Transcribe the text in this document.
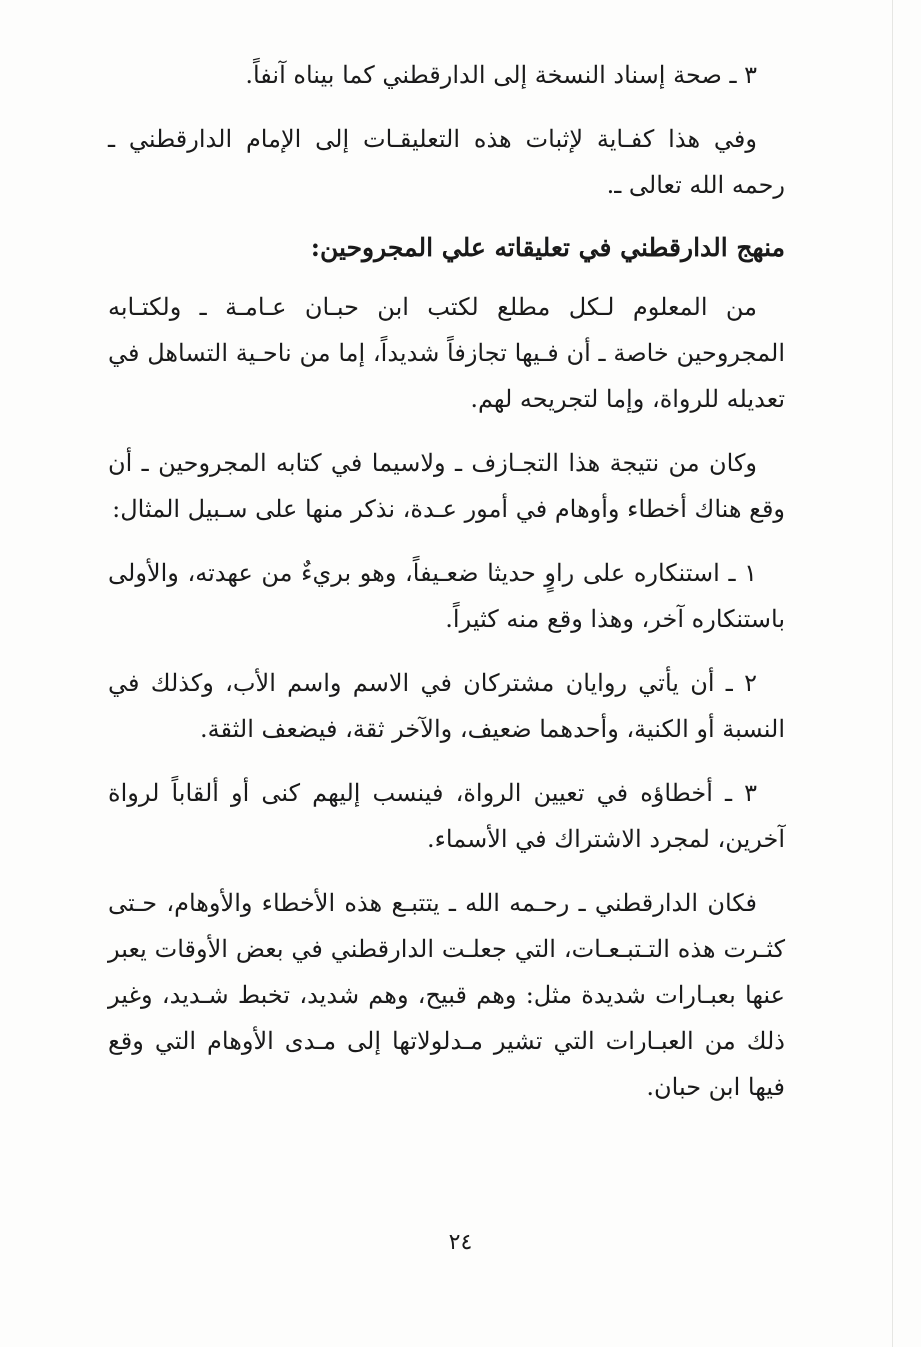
٣ ـ صحة إسناد النسخة إلى الدارقطني كما بيناه آنفاً.

وفي هذا كفـاية لإثبات هذه التعليقـات إلى الإمام الدارقطني ـ رحمه الله تعالى ـ.

منهج الدارقطني في تعليقاته علي المجروحين:

من المعلوم لـكل مطلع لكتب ابن حبـان عـامـة ـ ولكتـابه المجروحين خاصة ـ أن فـيها تجازفاً شديداً، إما من ناحـية التساهل في تعديله للرواة، وإما لتجريحه لهم.

وكان من نتيجة هذا التجـازف ـ ولاسيما في كتابه المجروحين ـ أن وقع هناك أخطاء وأوهام في أمور عـدة، نذكر منها على سـبيل المثال:

١ ـ استنكاره على راوٍ حديثا ضعـيفاً، وهو بريءٌ من عهدته، والأولى باستنكاره آخر، وهذا وقع منه كثيراً.

٢ ـ أن يأتي روايان مشتركان في الاسم واسم الأب، وكذلك في النسبة أو الكنية، وأحدهما ضعيف، والآخر ثقة، فيضعف الثقة.

٣ ـ أخطاؤه في تعيين الرواة، فينسب إليهم كنى أو ألقاباً لرواة آخرين، لمجرد الاشتراك في الأسماء.

فكان الدارقطني ـ رحـمه الله ـ يتتبـع هذه الأخطاء والأوهام، حـتى كثـرت هذه التـتبـعـات، التي جعلـت الدارقطني في بعض الأوقات يعبر عنها بعبـارات شديدة مثل: وهم قبيح، وهم شديد، تخبط شـديد، وغير ذلك من العبـارات التي تشير مـدلولاتها إلى مـدى الأوهام التي وقع فيها ابن حبان.

٢٤
